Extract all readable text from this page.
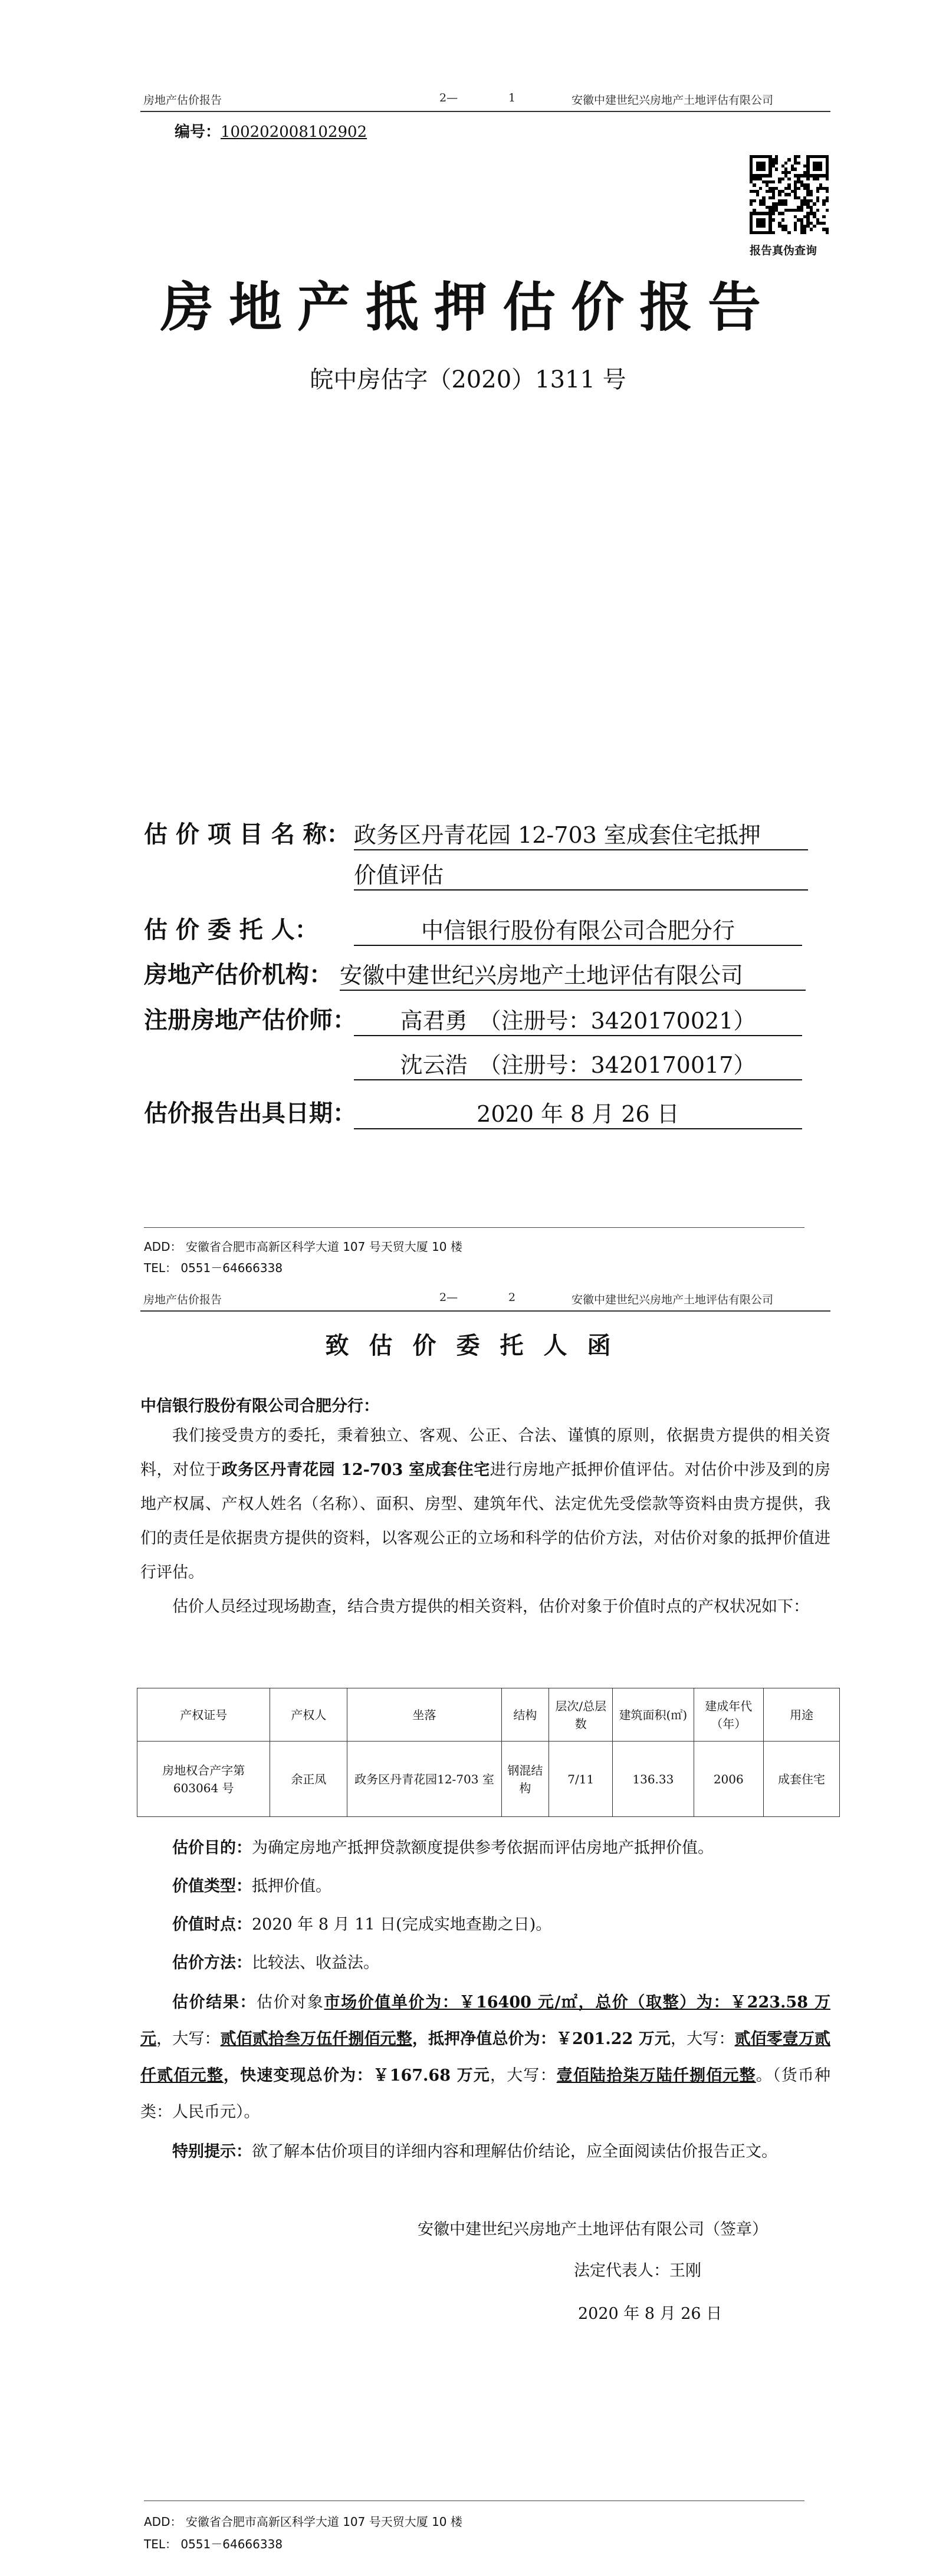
房地产估价报告	2—	1	安徽中建世纪兴房地产土地评估有限公司
编号：100202008102902
报告真伪查询
房地产抵押估价报告
皖中房估字（2020）1311 号
估 价 项 目 名 称： 政务区丹青花园 12-703 室成套住宅抵押
价值评估
估 价 委 托 人：	中信银行股份有限公司合肥分行
房地产估价机构： 安徽中建世纪兴房地产土地评估有限公司
注册房地产估价师：	高君勇　（注册号：3420170021）
沈云浩　（注册号：3420170017）
估价报告出具日期：	2020 年 8 月 26 日
ADD： 安徽省合肥市高新区科学大道 107 号天贸大厦 10 楼
TEL： 0551－64666338
房地产估价报告	2—	2	安徽中建世纪兴房地产土地评估有限公司
致估价委托人函
中信银行股份有限公司合肥分行：

我们接受贵方的委托，秉着独立、客观、公正、合法、谨慎的原则，依据贵方提供的相关资料，对位于政务区丹青花园 12-703 室成套住宅进行房地产抵押价值评估。对估价中涉及到的房地产权属、产权人姓名（名称）、面积、房型、建筑年代、法定优先受偿款等资料由贵方提供，我们的责任是依据贵方提供的资料，以客观公正的立场和科学的估价方法，对估价对象的抵押价值进行评估。

估价人员经过现场勘查，结合贵方提供的相关资料，估价对象于价值时点的产权状况如下：

产权证号	产权人	坐落	结构	层次/总层数	建筑面积(㎡)	建成年代（年）	用途
房地权合产字第603064 号	余正凤	政务区丹青花园12-703 室	钢混结构	7/11	136.33	2006	成套住宅
估价目的：为确定房地产抵押贷款额度提供参考依据而评估房地产抵押价值。
价值类型：抵押价值。
价值时点：2020 年 8 月 11 日(完成实地查勘之日)。
估价方法：比较法、收益法。

估价结果：估价对象市场价值单价为：￥16400 元/㎡，总价（取整）为：￥223.58 万元，大写：贰佰贰拾叁万伍仟捌佰元整，抵押净值总价为：￥201.22 万元，大写：贰佰零壹万贰仟贰佰元整，快速变现总价为：￥167.68 万元，大写：壹佰陆拾柒万陆仟捌佰元整。（货币种类：人民币元）。

特别提示：欲了解本估价项目的详细内容和理解估价结论，应全面阅读估价报告正文。

安徽中建世纪兴房地产土地评估有限公司（签章）
法定代表人：王刚
2020 年 8 月 26 日
ADD： 安徽省合肥市高新区科学大道 107 号天贸大厦 10 楼
TEL： 0551－64666338
